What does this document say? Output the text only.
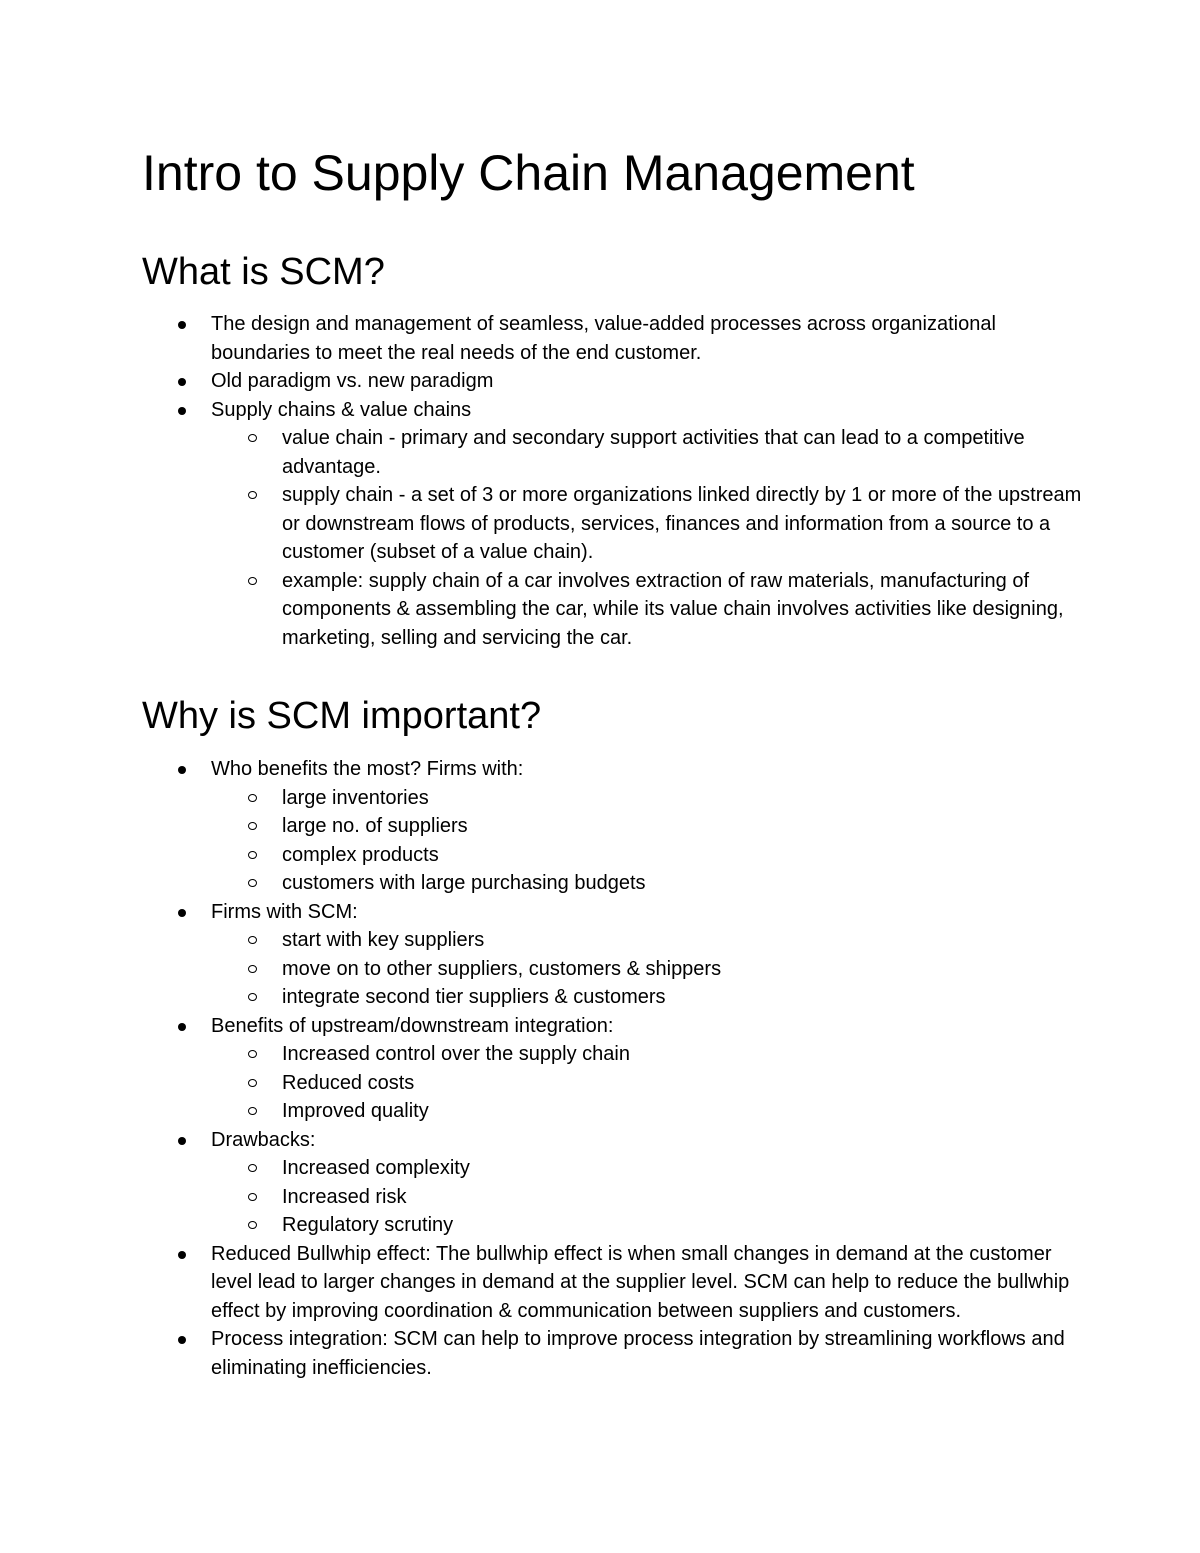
Intro to Supply Chain Management
What is SCM?
The design and management of seamless, value-added processes across organizational boundaries to meet the real needs of the end customer.
Old paradigm vs. new paradigm
Supply chains & value chains
value chain - primary and secondary support activities that can lead to a competitive advantage.
supply chain - a set of 3 or more organizations linked directly by 1 or more of the upstream or downstream flows of products, services, finances and information from a source to a customer (subset of a value chain).
example: supply chain of a car involves extraction of raw materials, manufacturing of components & assembling the car, while its value chain involves activities like designing, marketing, selling and servicing the car.
Why is SCM important?
Who benefits the most? Firms with:
large inventories
large no. of suppliers
complex products
customers with large purchasing budgets
Firms with SCM:
start with key suppliers
move on to other suppliers, customers & shippers
integrate second tier suppliers & customers
Benefits of upstream/downstream integration:
Increased control over the supply chain
Reduced costs
Improved quality
Drawbacks:
Increased complexity
Increased risk
Regulatory scrutiny
Reduced Bullwhip effect: The bullwhip effect is when small changes in demand at the customer level lead to larger changes in demand at the supplier level. SCM can help to reduce the bullwhip effect by improving coordination & communication between suppliers and customers.
Process integration: SCM can help to improve process integration by streamlining workflows and eliminating inefficiencies.
